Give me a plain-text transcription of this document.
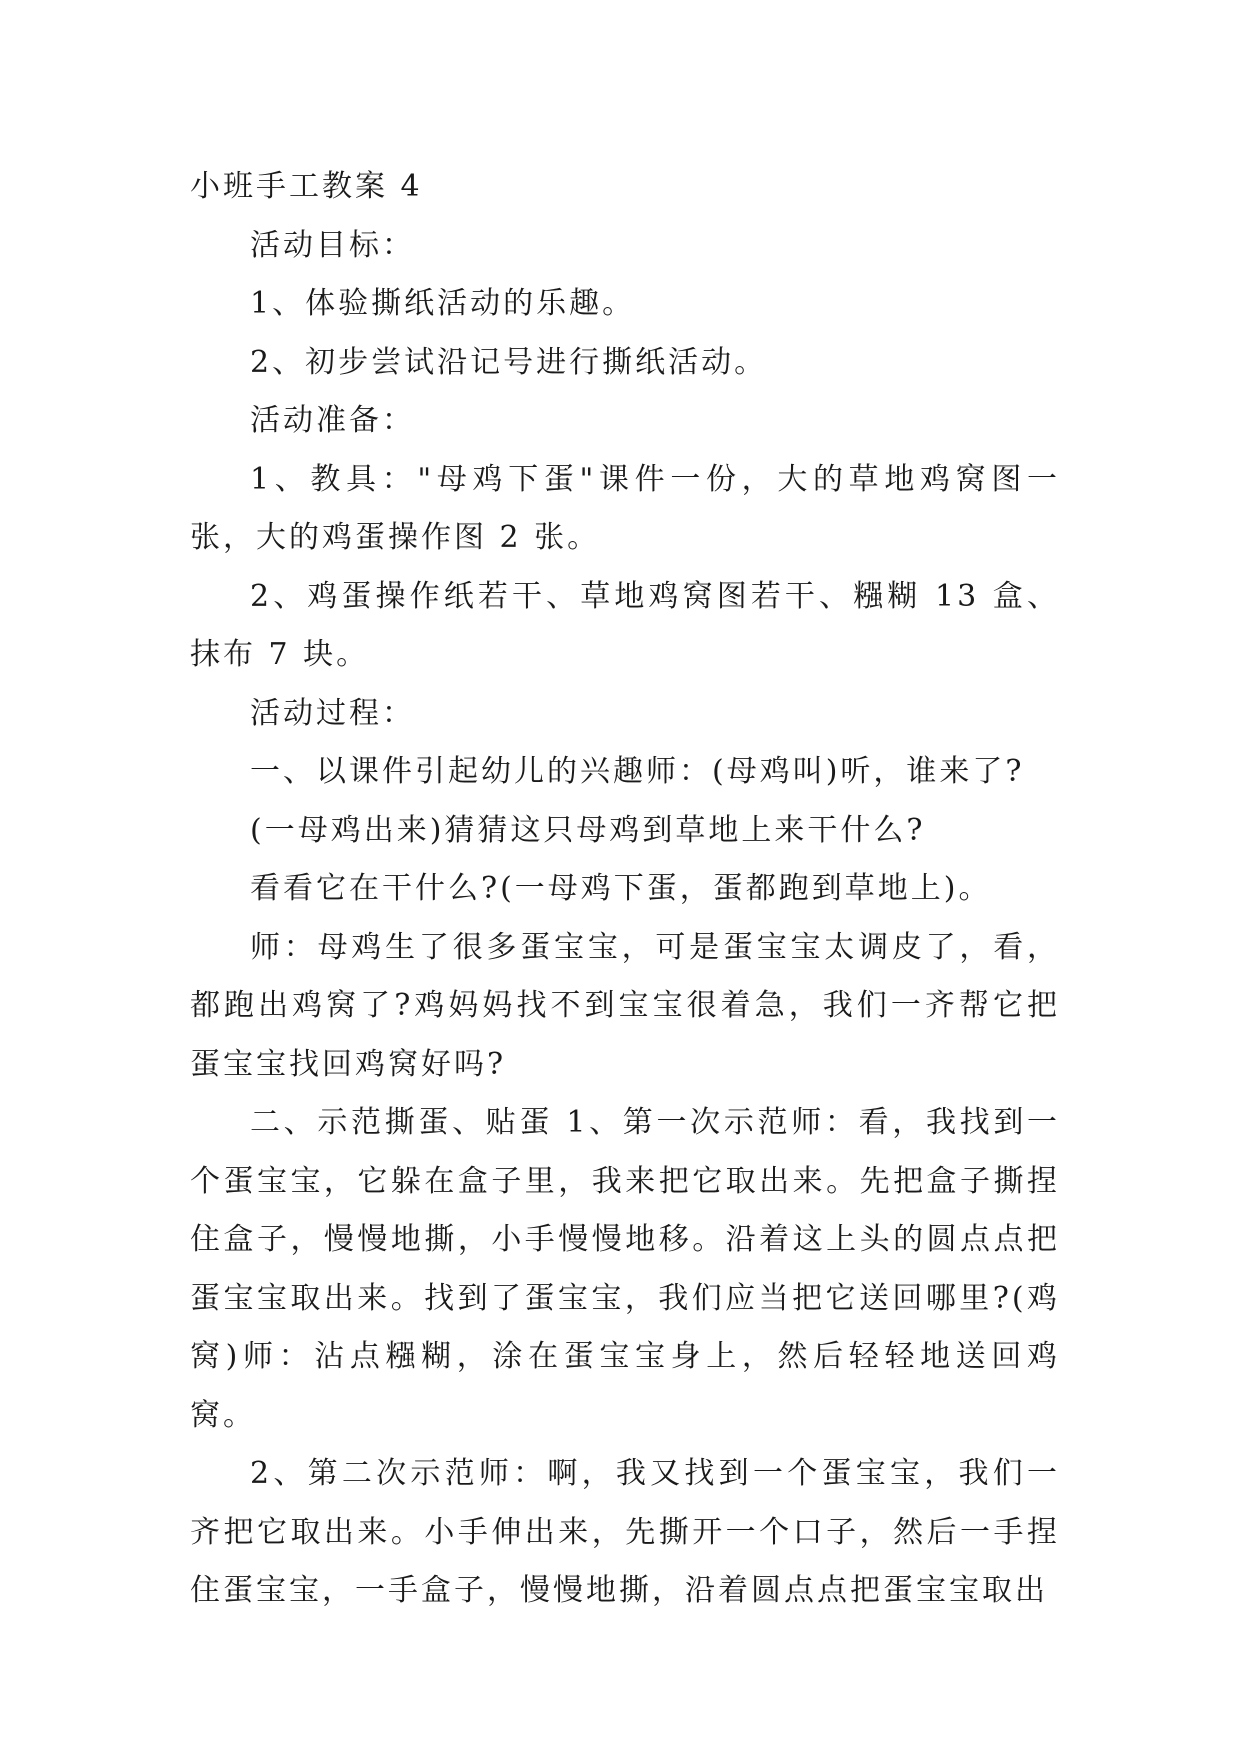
小班手工教案 4

活动目标：

1、体验撕纸活动的乐趣。

2、初步尝试沿记号进行撕纸活动。

活动准备：

1、教具："母鸡下蛋"课件一份，大的草地鸡窝图一张，大的鸡蛋操作图 2 张。

2、鸡蛋操作纸若干、草地鸡窝图若干、糨糊 13 盒、抹布 7 块。

活动过程：

一、以课件引起幼儿的兴趣师：(母鸡叫)听，谁来了?

(一母鸡出来)猜猜这只母鸡到草地上来干什么?

看看它在干什么?(一母鸡下蛋，蛋都跑到草地上)。

师：母鸡生了很多蛋宝宝，可是蛋宝宝太调皮了，看，都跑出鸡窝了?鸡妈妈找不到宝宝很着急，我们一齐帮它把蛋宝宝找回鸡窝好吗?

二、示范撕蛋、贴蛋 1、第一次示范师：看，我找到一个蛋宝宝，它躲在盒子里，我来把它取出来。先把盒子撕捏住盒子，慢慢地撕，小手慢慢地移。沿着这上头的圆点点把蛋宝宝取出来。找到了蛋宝宝，我们应当把它送回哪里?(鸡窝)师：沾点糨糊，涂在蛋宝宝身上，然后轻轻地送回鸡窝。

2、第二次示范师：啊，我又找到一个蛋宝宝，我们一齐把它取出来。小手伸出来，先撕开一个口子，然后一手捏住蛋宝宝，一手盒子，慢慢地撕，沿着圆点点把蛋宝宝取出
